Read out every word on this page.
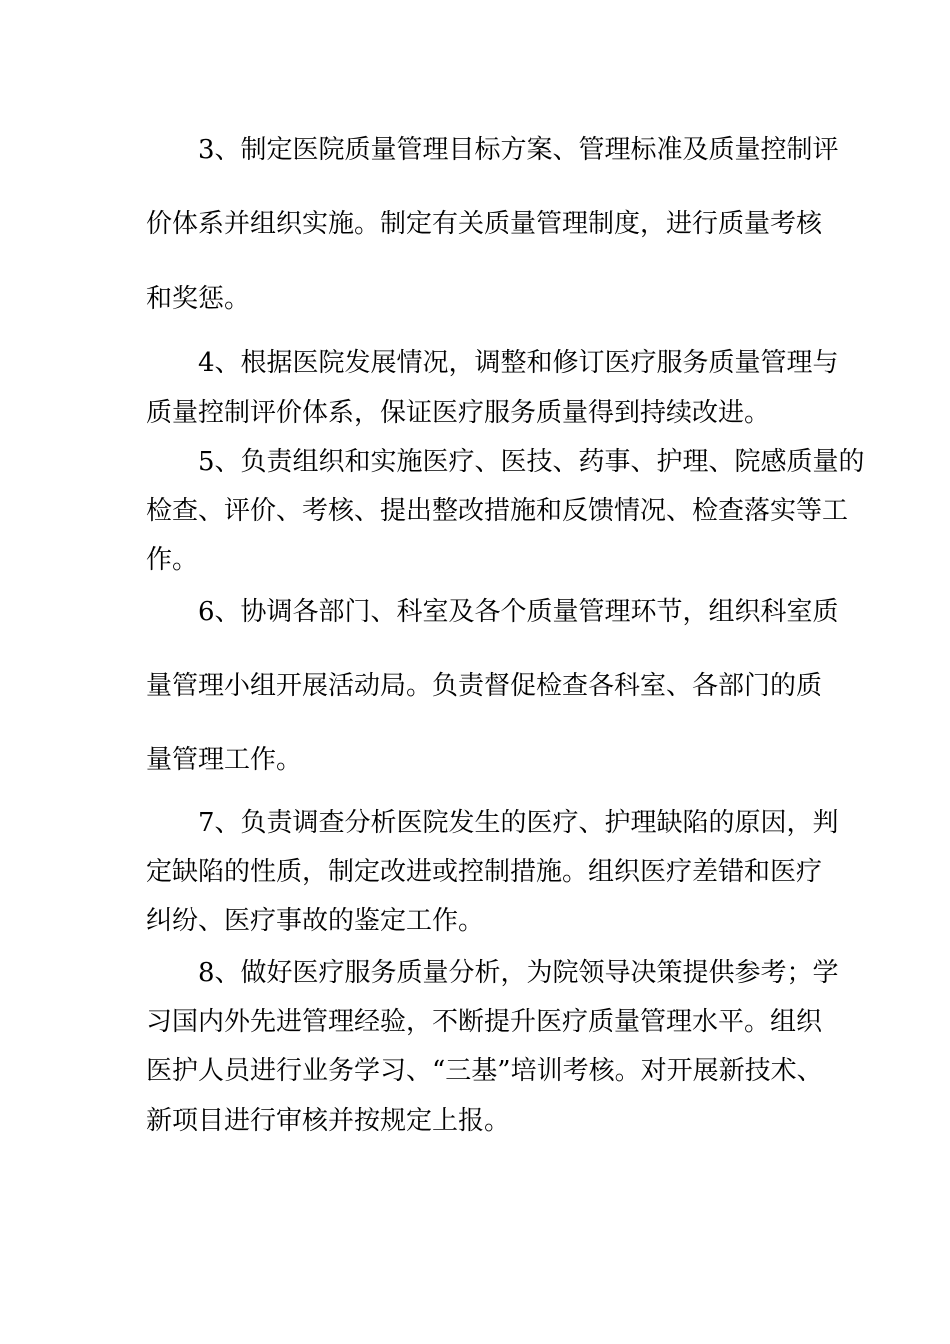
3、制定医院质量管理目标方案、管理标准及质量控制评
价体系并组织实施。制定有关质量管理制度，进行质量考核
和奖惩。
4、根据医院发展情况，调整和修订医疗服务质量管理与
质量控制评价体系，保证医疗服务质量得到持续改进。
5、负责组织和实施医疗、医技、药事、护理、院感质量的
检查、评价、考核、提出整改措施和反馈情况、检查落实等工
作。
6、协调各部门、科室及各个质量管理环节，组织科室质
量管理小组开展活动局。负责督促检查各科室、各部门的质
量管理工作。
7、负责调查分析医院发生的医疗、护理缺陷的原因，判
定缺陷的性质，制定改进或控制措施。组织医疗差错和医疗
纠纷、医疗事故的鉴定工作。
8、做好医疗服务质量分析，为院领导决策提供参考；学
习国内外先进管理经验，不断提升医疗质量管理水平。组织
医护人员进行业务学习、“三基”培训考核。对开展新技术、
新项目进行审核并按规定上报。
